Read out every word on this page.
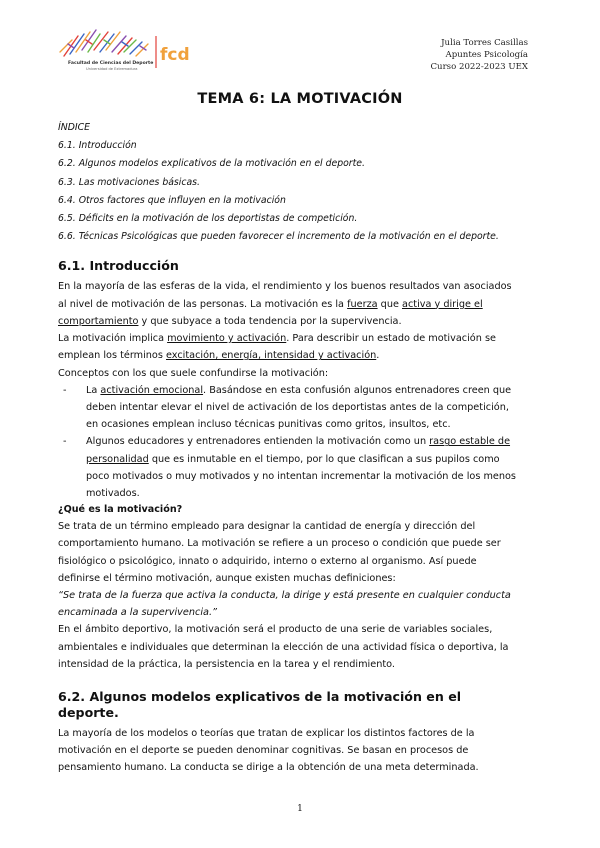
fcd
Facultad de Ciencias del Deporte
Universidad de Extremadura
Julia Torres Casillas
Apuntes Psicología
Curso 2022-2023 UEX
TEMA 6: LA MOTIVACIÓN
ÍNDICE
6.1. Introducción
6.2. Algunos modelos explicativos de la motivación en el deporte.
6.3. Las motivaciones básicas.
6.4. Otros factores que influyen en la motivación
6.5. Déficits en la motivación de los deportistas de competición.
6.6. Técnicas Psicológicas que pueden favorecer el incremento de la motivación en el deporte.
6.1. Introducción

En la mayoría de las esferas de la vida, el rendimiento y los buenos resultados van asociados al nivel de motivación de las personas. La motivación es la fuerza que activa y dirige el comportamiento y que subyace a toda tendencia por la supervivencia.

La motivación implica movimiento y activación. Para describir un estado de motivación se emplean los términos excitación, energía, intensidad y activación.

Conceptos con los que suele confundirse la motivación:

- La activación emocional. Basándose en esta confusión algunos entrenadores creen que deben intentar elevar el nivel de activación de los deportistas antes de la competición, en ocasiones emplean incluso técnicas punitivas como gritos, insultos, etc.
- Algunos educadores y entrenadores entienden la motivación como un rasgo estable de personalidad que es inmutable en el tiempo, por lo que clasifican a sus pupilos como poco motivados o muy motivados y no intentan incrementar la motivación de los menos motivados.
¿Qué es la motivación?

Se trata de un término empleado para designar la cantidad de energía y dirección del comportamiento humano. La motivación se refiere a un proceso o condición que puede ser fisiológico o psicológico, innato o adquirido, interno o externo al organismo. Así puede definirse el término motivación, aunque existen muchas definiciones:

“Se trata de la fuerza que activa la conducta, la dirige y está presente en cualquier conducta encaminada a la supervivencia.”

En el ámbito deportivo, la motivación será el producto de una serie de variables sociales, ambientales e individuales que determinan la elección de una actividad física o deportiva, la intensidad de la práctica, la persistencia en la tarea y el rendimiento.

6.2. Algunos modelos explicativos de la motivación en el deporte.

La mayoría de los modelos o teorías que tratan de explicar los distintos factores de la motivación en el deporte se pueden denominar cognitivas. Se basan en procesos de pensamiento humano. La conducta se dirige a la obtención de una meta determinada.

1
